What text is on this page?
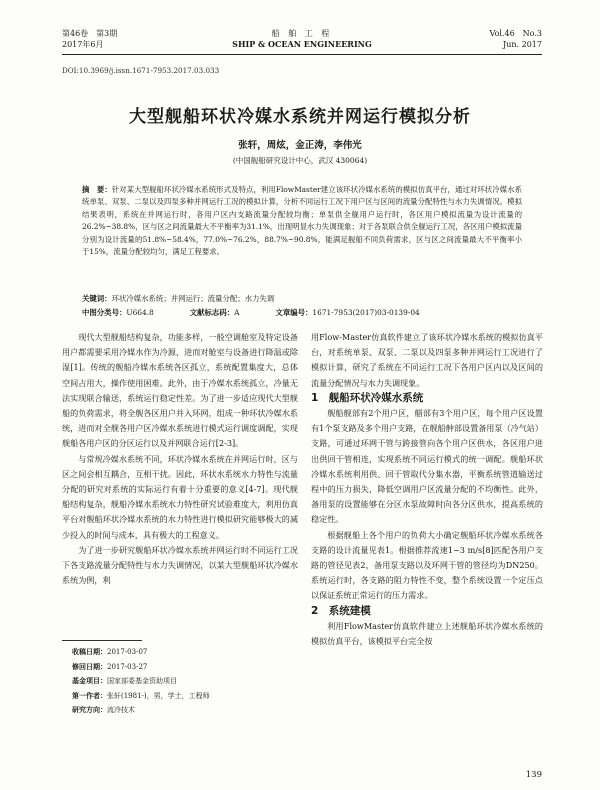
第46卷　第3期
2017年6月
船 舶 工 程
SHIP & OCEAN ENGINEERING
Vol.46　No.3
Jun. 2017
DOI:10.3969/j.issn.1671-7953.2017.03.033
大型舰船环状冷媒水系统并网运行模拟分析
张轩，周炫，金正涛，李伟光
(中国舰船研究设计中心，武汉 430064)
摘　要：针对某大型舰船环状冷媒水系统形式及特点，利用FlowMaster建立该环状冷媒水系统的模拟仿真平台，通过对环状冷媒水系统单泵、双泵、二泵以及四泵多种并网运行工况的模拟计算，分析不同运行工况下用户区与区间的流量分配特性与水力失调情况。模拟结果表明，系统在并网运行时，各用户区内支路流量分配较均衡；单泵供全舰用户运行时，各区用户模拟流量为设计流量的26.2%~38.8%，区与区之间流量最大不平衡率为31.1%，出现明显水力失调现象；对于各泵联合供全舰运行工况，各区用户模拟流量分别为设计流量的51.8%~58.4%，77.0%~76.2%，88.7%~90.8%，能满足舰船不同负荷需求，区与区之间流量最大不平衡率小于15%，流量分配较均匀，满足工程要求。
关键词：环状冷媒水系统；并网运行；流量分配；水力失调
中图分类号：U664.8	文献标志码：A	文章编号：1671-7953(2017)03-0139-04

现代大型舰船结构复杂，功能多样，一般空调舱室及特定设备用户都需要采用冷媒水作为冷源，进而对舱室与设备进行降温或除湿[1]。传统的舰船冷媒水系统各区孤立，系统配置集度大，总体空间占用大，操作使用困难。此外，由于冷媒水系统孤立，冷量无法实现联合输送，系统运行稳定性差。为了进一步适应现代大型舰船的负荷需求，将全舰各区用户并入环网，组成一种环状冷媒水系统，进而对全舰各用户区冷媒水系统进行模式运行调度调配，实现舰船各用户区的分区运行以及并网联合运行[2-3]。

与常规冷媒水系统不同，环状冷媒水系统在并网运行时，区与区之间会相互耦合，互相干扰。因此，环状水系统水力特性与流量分配的研究对系统的实际运行有着十分重要的意义[4-7]。现代舰船结构复杂，舰船冷媒水系统水力特性研究试验难度大，利用仿真平台对舰船环状冷媒水系统的水力特性进行模拟研究能够极大的减少投入的时间与成本，具有极大的工程意义。

为了进一步研究舰船环状冷媒水系统并网运行时不同运行工况下各支路流量分配特性与水力失调情况，以某大型舰船环状冷媒水系统为例，利

收稿日期：2017-03-07
修回日期：2017-03-27
基金项目：国家部委基金资助项目
第一作者：张轩(1981-)，男，学士，工程师
研究方向：流冷技术

用Flow-Master仿真软件建立了该环状冷媒水系统的模拟仿真平台，对系统单泵、双泵、二泵以及四泵多种并网运行工况进行了模拟计算，研究了系统在不同运行工况下各用户区内以及区间的流量分配情况与水力失调现象。

1　舰船环状冷媒水系统

舰船舰部有2个用户区，艏部有3个用户区，每个用户区设置有1个泵支路及多个用户支路，在舰船舯部设置备用泵（冷气站）支路，可通过环网干管与跨接管向各个用户区供水，各区用户进出供回干管相连，实现系统不同运行模式的统一调配。舰船环状冷媒水系统利用供、回干管取代分集水器，平衡系统管道输送过程中的压力损失，降低空调用户区流量分配的不均衡性。此外，备用泵的设置能够在分区水泵故障时向各分区供水，提高系统的稳定性。

根据舰船上各个用户的负荷大小确定舰船环状冷媒水系统各支路的设计流量见表1。根据推荐流速1~3 m/s[8]匹配各用户支路的管径见表2，备用泵支路以及环网干管的管径均为DN250。系统运行时，各支路的阻力特性不变，整个系统设置一个定压点以保证系统正常运行的压力需求。

2　系统建模

利用FlowMaster仿真软件建立上述舰船环状冷媒水系统的模拟仿真平台，该模拟平台完全按

139
